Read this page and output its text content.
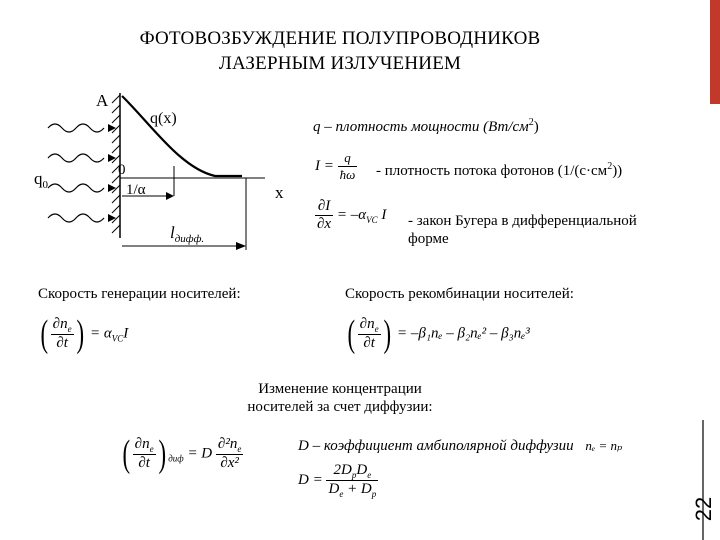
ФОТОВОЗБУЖДЕНИЕ ПОЛУПРОВОДНИКОВ
ЛАЗЕРНЫМ ИЗЛУЧЕНИЕМ
22
A
q(x)
0
1/α	x
$q_0$
$l_{дифф.}$
q – плотность мощности $(Вт/см^2)$
$I = \frac{q}{ħ\omega}$ - плотность потока фотонов $(1/(с\cdot см^2))$
$\frac{\partial I}{\partial x} = -\alpha_{VC}$ I - закон Бугера в дифференциальной
форме
Скорость генерации носителей:
( $\frac{\partial n_e}{\partial t}$ ) = $\alpha_{VC}I$
Скорость рекомбинации носителей:
( $\frac{\partial n_e}{\partial t}$ ) = –β₁nₑ – β₂nₑ² – β₃nₑ³
Изменение концентрации
носителей за счет диффузии:
( $\frac{\partial n_e}{\partial t}$ ) $_{диф}$ = D $\frac{\partial^2n_e}{\text{∂x²}}$	D – коэффициент амбиполярной диффузии nₑ = nₚ
$D = \frac{2D_pD_e}{D_e + D_p}$
